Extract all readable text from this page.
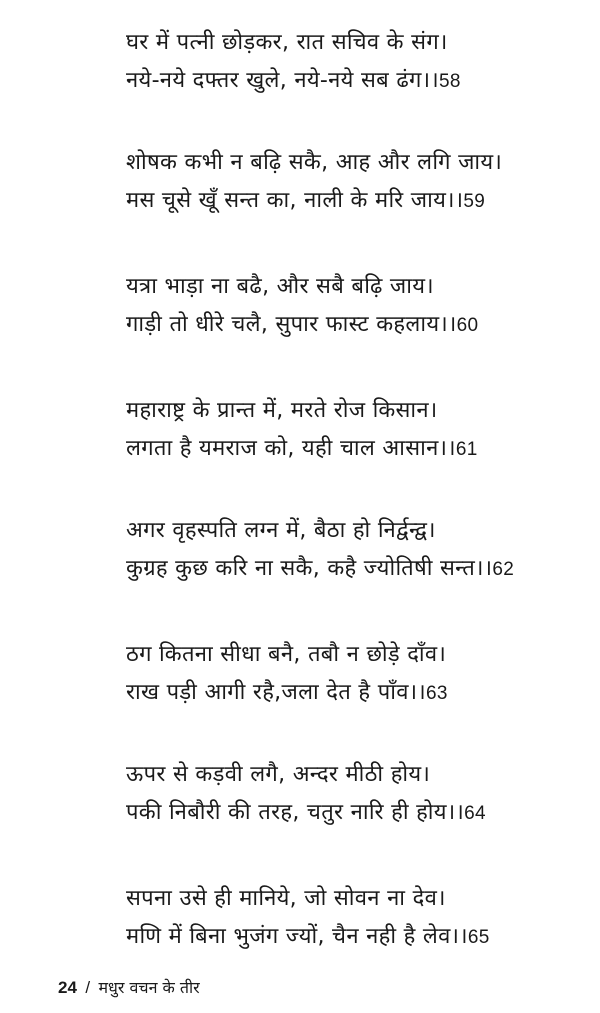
घर में पत्नी छोड़कर, रात सचिव के संग।
नये-नये दफ्तर खुले, नये-नये सब ढंग।।58
शोषक कभी न बढ़ि सकै, आह और लगि जाय।
मस चूसे खूँ सन्त का, नाली के मरि जाय।।59
यत्रा भाड़ा ना बढै, और सबै बढ़ि जाय।
गाड़ी तो धीरे चलै, सुपार फास्ट कहलाय।।60
महाराष्ट्र के प्रान्त में, मरते रोज किसान।
लगता है यमराज को, यही चाल आसान।।61
अगर वृहस्पति लग्न में, बैठा हो निर्द्वन्द्व।
कुग्रह कुछ करि ना सकै, कहै ज्योतिषी सन्त।।62
ठग कितना सीधा बनै, तबौ न छोड़े दाँव।
राख पड़ी आगी रहै,जला देत है पाँव।।63
ऊपर से कड़वी लगै, अन्दर मीठी होय।
पकी निबौरी की तरह, चतुर नारि ही होय।।64
सपना उसे ही मानिये, जो सोवन ना देव।
मणि में बिना भुजंग ज्यों, चैन नही है लेव।।65
24 / मधुर वचन के तीर
